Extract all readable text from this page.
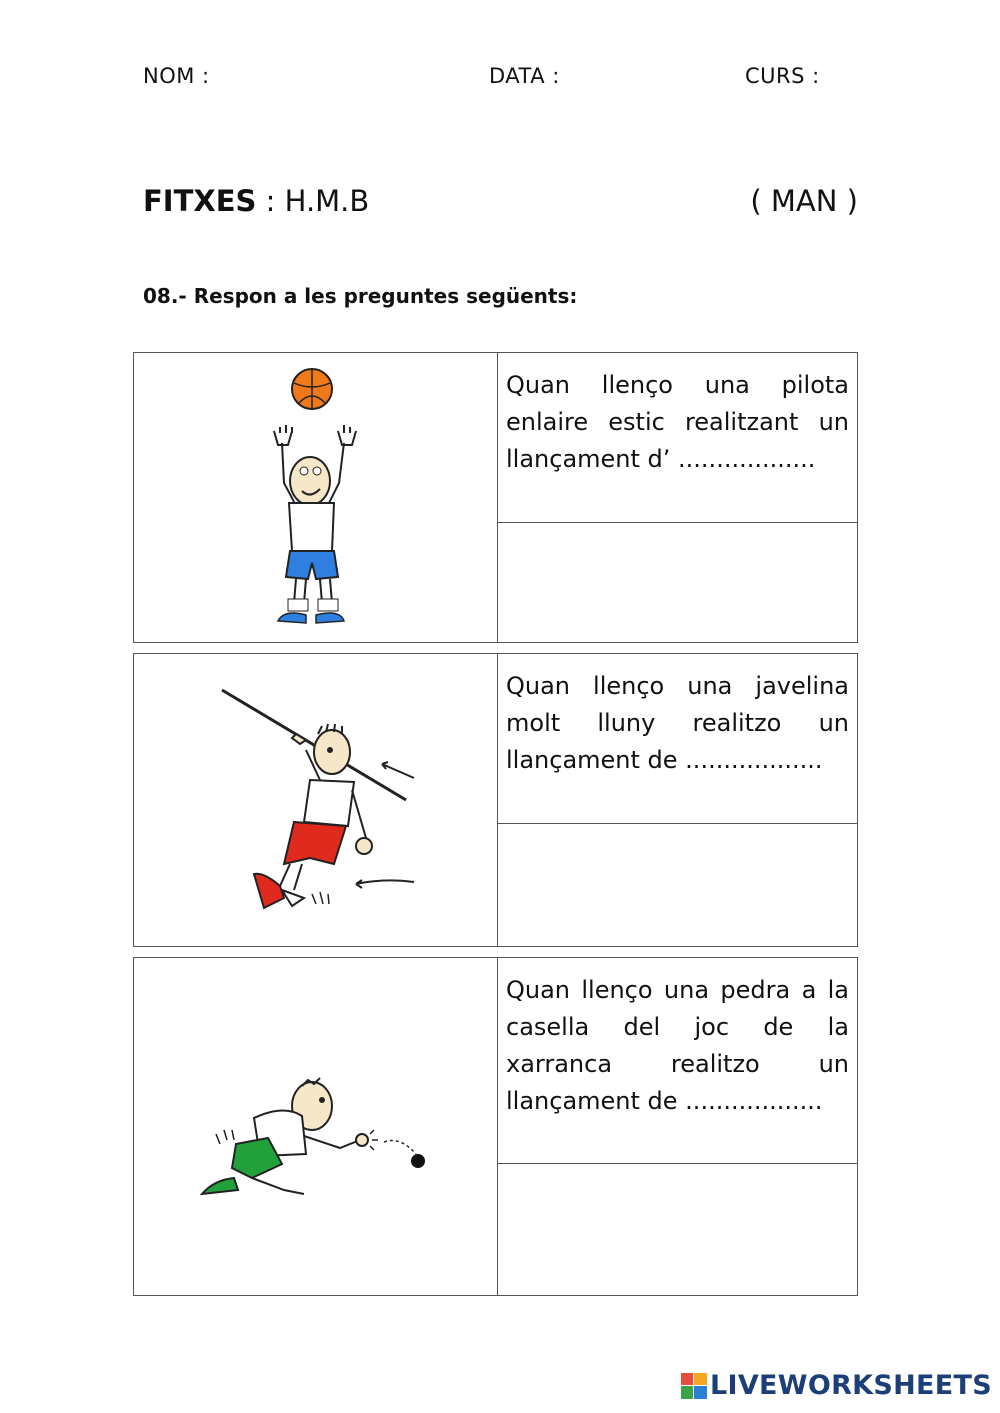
NOM :	DATA :	CURS :
FITXES : H.M.B	( MAN )
08.- Respon a les preguntes següents:
Quan llenço una pilota enlaire estic realitzant un llançament d’ ..................
Quan llenço una javelina molt lluny realitzo un llançament de ..................
Quan llenço una pedra a la casella del joc de la xarranca realitzo un llançament de ..................
LIVEWORKSHEETS
